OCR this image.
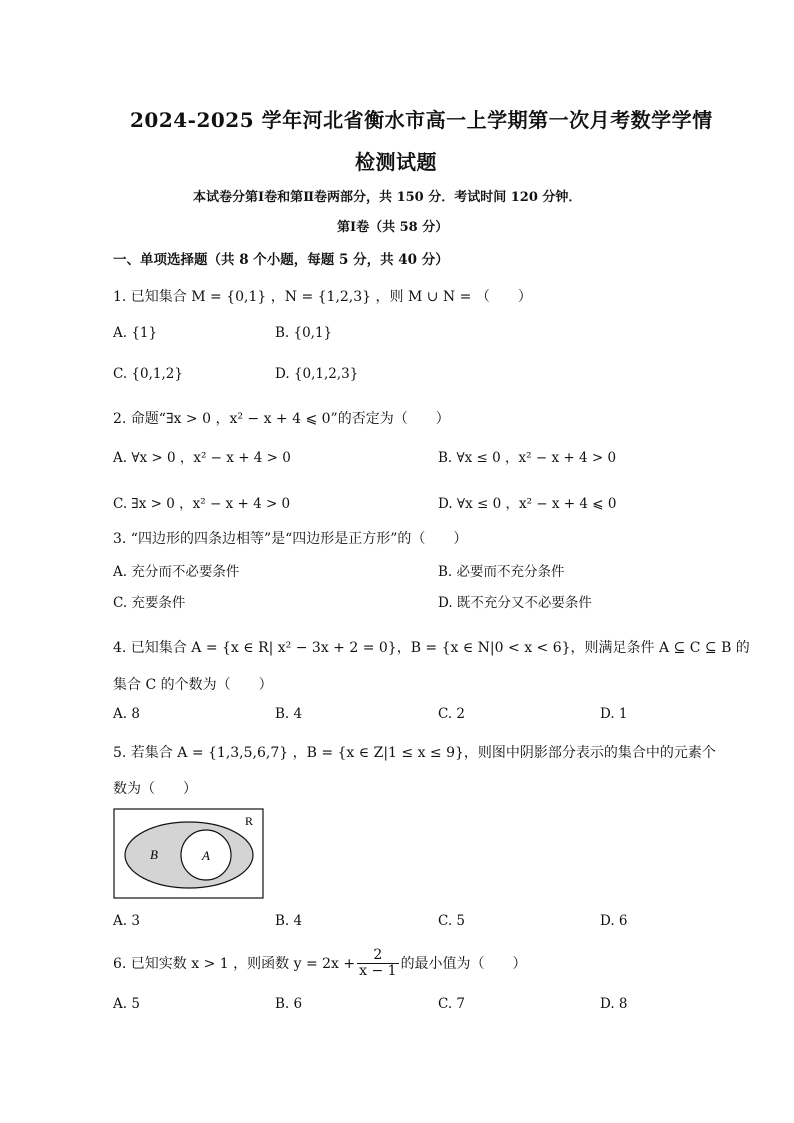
2024-2025 学年河北省衡水市高一上学期第一次月考数学学情
检测试题
本试卷分第Ⅰ卷和第Ⅱ卷两部分，共 150 分．考试时间 120 分钟．
第Ⅰ卷（共 58 分）
一、单项选择题（共 8 个小题，每题 5 分，共 40 分）
1. 已知集合 M = {0,1} ，N = {1,2,3} ，则 M ∪ N = （　　）
A. {1}	B. {0,1}
C. {0,1,2}	D. {0,1,2,3}
2. 命题“∃x > 0 ，x² − x + 4 ⩽ 0”的否定为（　　）
A. ∀x > 0 ，x² − x + 4 > 0	B. ∀x ≤ 0 ，x² − x + 4 > 0
C. ∃x > 0 ，x² − x + 4 > 0	D. ∀x ≤ 0 ，x² − x + 4 ⩽ 0
3. “四边形的四条边相等”是“四边形是正方形”的（　　）
A. 充分而不必要条件	B. 必要而不充分条件
C. 充要条件	D. 既不充分又不必要条件
4. 已知集合 A = {x ∈ R| x² − 3x + 2 = 0}，B = {x ∈ N|0 < x < 6}，则满足条件 A ⊆ C ⊆ B 的
集合 C 的个数为（　　）
A. 8	B. 4	C. 2	D. 1
5. 若集合 A = {1,3,5,6,7} ，B = {x ∈ Z|1 ≤ x ≤ 9}，则图中阴影部分表示的集合中的元素个
数为（　　）
R
B	A
A. 3	B. 4	C. 5	D. 6
6. 已知实数 x > 1 ，则函数 $y = 2x + \frac{2}{x - 1}$ 的最小值为（　　）
A. 5	B. 6	C. 7	D. 8
